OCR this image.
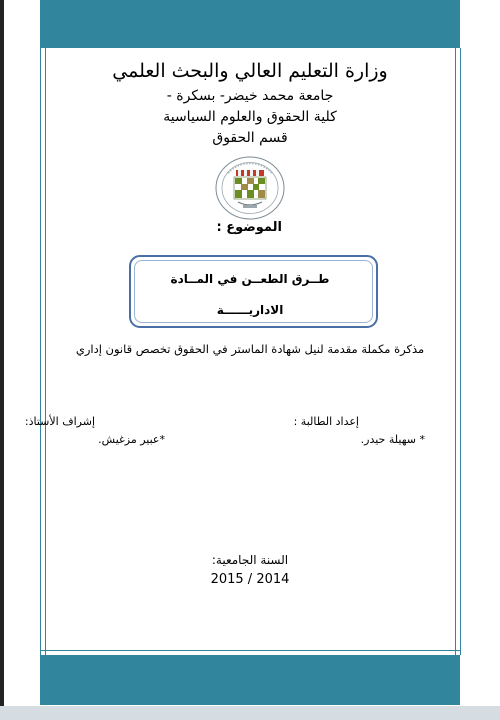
وزارة التعليم العالي والبحث العلمي
جامعة محمد خيضر- بسكرة -
كلية الحقوق والعلوم السياسية
قسم الحقوق
الموضوع :
طــرق الطعــن في المــادة
الاداريــــــة
مذكرة مكملة مقدمة لنيل شهادة الماستر في الحقوق تخصص قانون إداري
إعداد الطالبة :
* سهيلة حيدر.
إشراف الأستاذ:
*عبير مزغيش.
السنة الجامعية:
2015 / 2014
